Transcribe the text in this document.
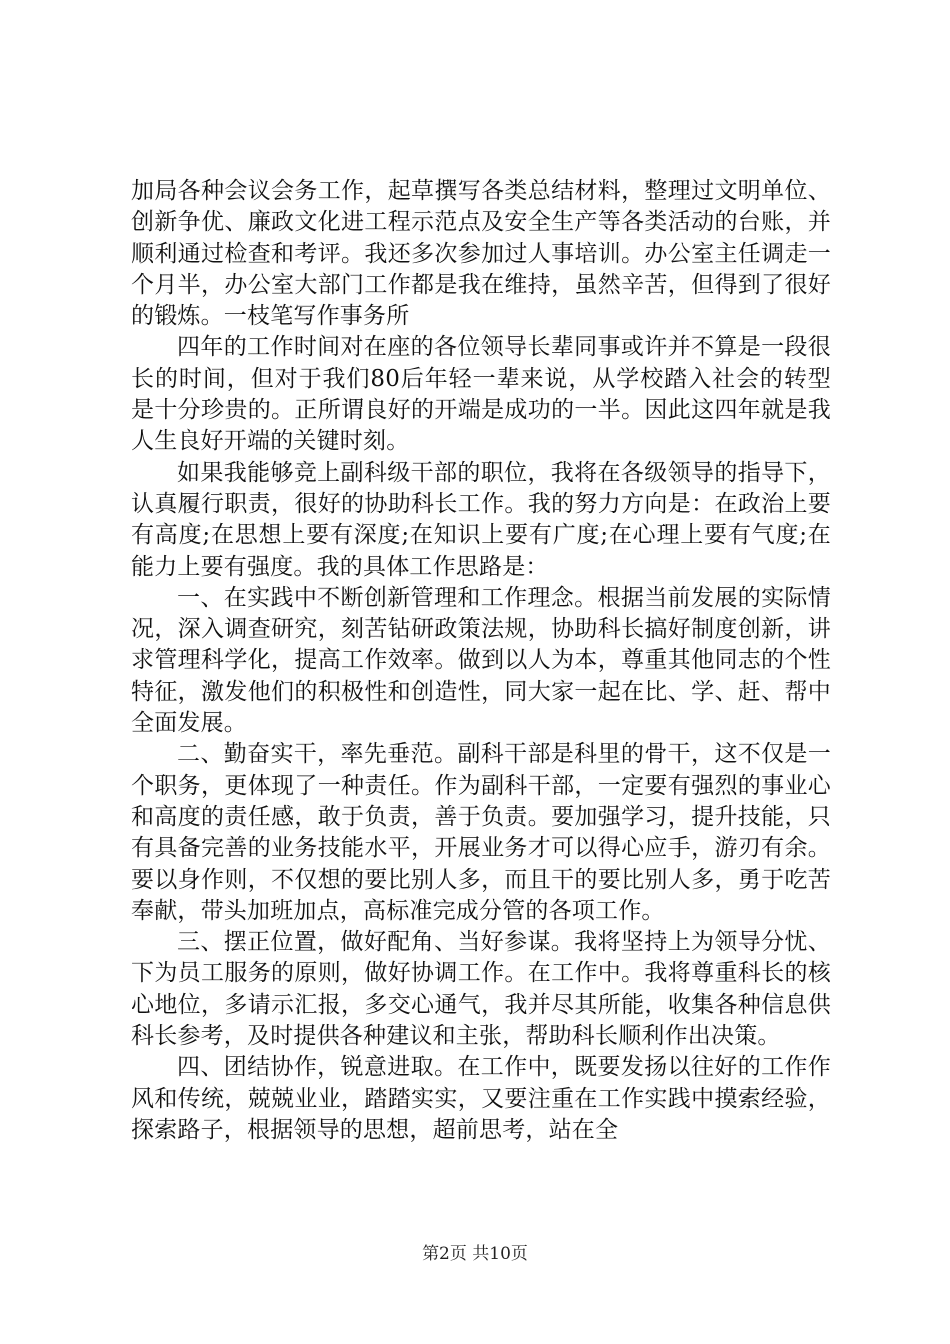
加局各种会议会务工作，起草撰写各类总结材料，整理过文明单位、创新争优、廉政文化进工程示范点及安全生产等各类活动的台账，并顺利通过检查和考评。我还多次参加过人事培训。办公室主任调走一个月半，办公室大部门工作都是我在维持，虽然辛苦，但得到了很好的锻炼。一枝笔写作事务所

四年的工作时间对在座的各位领导长辈同事或许并不算是一段很长的时间，但对于我们80后年轻一辈来说，从学校踏入社会的转型是十分珍贵的。正所谓良好的开端是成功的一半。因此这四年就是我人生良好开端的关键时刻。

如果我能够竞上副科级干部的职位，我将在各级领导的指导下，认真履行职责，很好的协助科长工作。我的努力方向是：在政治上要有高度;在思想上要有深度;在知识上要有广度;在心理上要有气度;在能力上要有强度。我的具体工作思路是：

一、在实践中不断创新管理和工作理念。根据当前发展的实际情况，深入调查研究，刻苦钻研政策法规，协助科长搞好制度创新，讲求管理科学化，提高工作效率。做到以人为本，尊重其他同志的个性特征，激发他们的积极性和创造性，同大家一起在比、学、赶、帮中全面发展。

二、勤奋实干，率先垂范。副科干部是科里的骨干，这不仅是一个职务，更体现了一种责任。作为副科干部，一定要有强烈的事业心和高度的责任感，敢于负责，善于负责。要加强学习，提升技能，只有具备完善的业务技能水平，开展业务才可以得心应手，游刃有余。要以身作则，不仅想的要比别人多，而且干的要比别人多，勇于吃苦奉献，带头加班加点，高标准完成分管的各项工作。

三、摆正位置，做好配角、当好参谋。我将坚持上为领导分忧、下为员工服务的原则，做好协调工作。在工作中。我将尊重科长的核心地位，多请示汇报，多交心通气，我并尽其所能，收集各种信息供科长参考，及时提供各种建议和主张，帮助科长顺利作出决策。

四、团结协作，锐意进取。在工作中，既要发扬以往好的工作作风和传统，兢兢业业，踏踏实实，又要注重在工作实践中摸索经验，探索路子，根据领导的思想，超前思考，站在全

第2页 共10页
